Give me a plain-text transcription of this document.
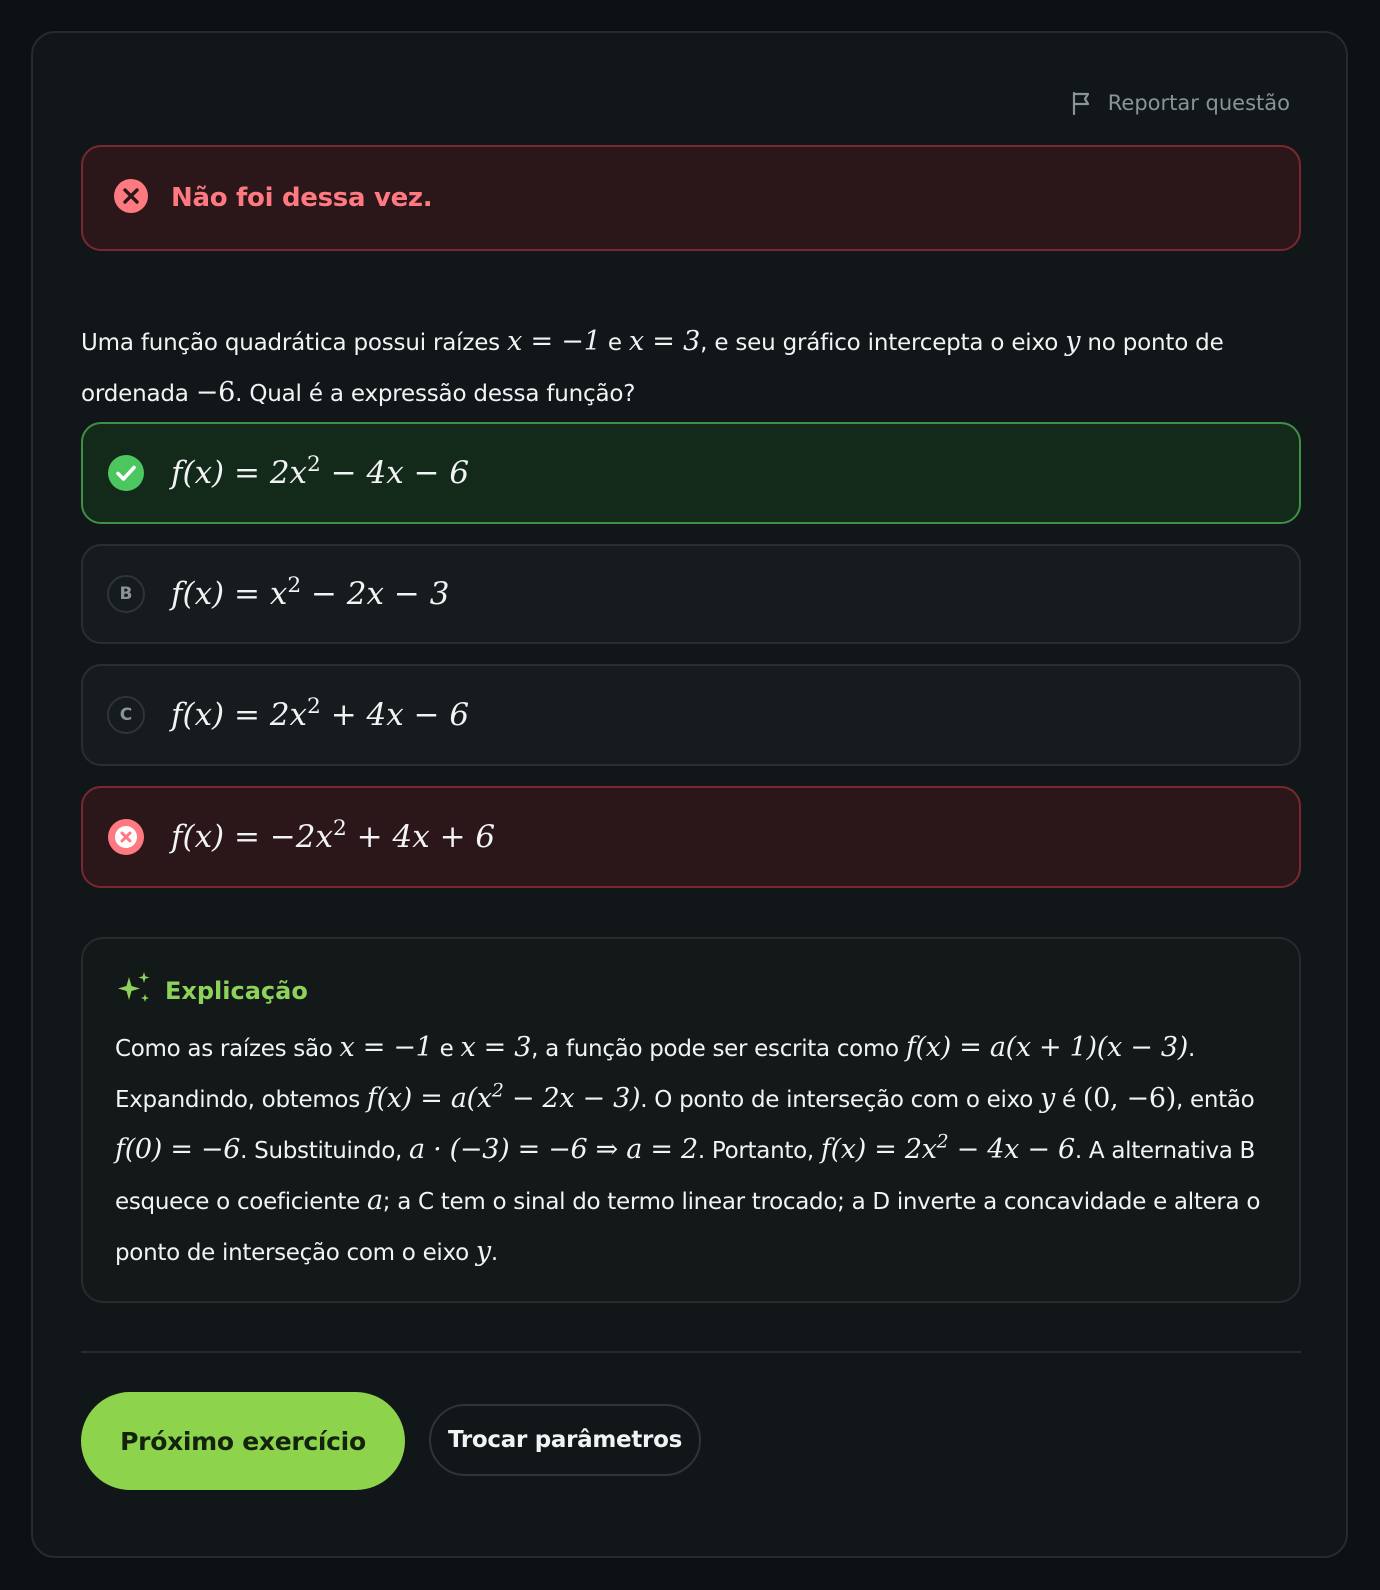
Reportar questão
Não foi dessa vez.
Uma função quadrática possui raízes x = −1 e x = 3, e seu gráfico intercepta o eixo y no ponto de ordenada −6. Qual é a expressão dessa função?
$f(x) = 2x^2 - 4x - 6$
B	$f(x) = x^2 - 2x - 3$
C	$f(x) = 2x^2 + 4x - 6$
$f(x) = -2x^2 + 4x + 6$
Explicação
Como as raízes são x = −1 e x = 3, a função pode ser escrita como f(x) = a(x + 1)(x − 3). Expandindo, obtemos $f(x) = a(x^2 - 2x - 3)$. O ponto de interseção com o eixo y é (0, −6), então f(0) = −6. Substituindo, a · (−3) = −6 ⇒ a = 2. Portanto, $f(x) = 2x^2 - 4x - 6$. A alternativa B esquece o coeficiente a; a C tem o sinal do termo linear trocado; a D inverte a concavidade e altera o ponto de interseção com o eixo y.
Próximo exercício	Trocar parâmetros
